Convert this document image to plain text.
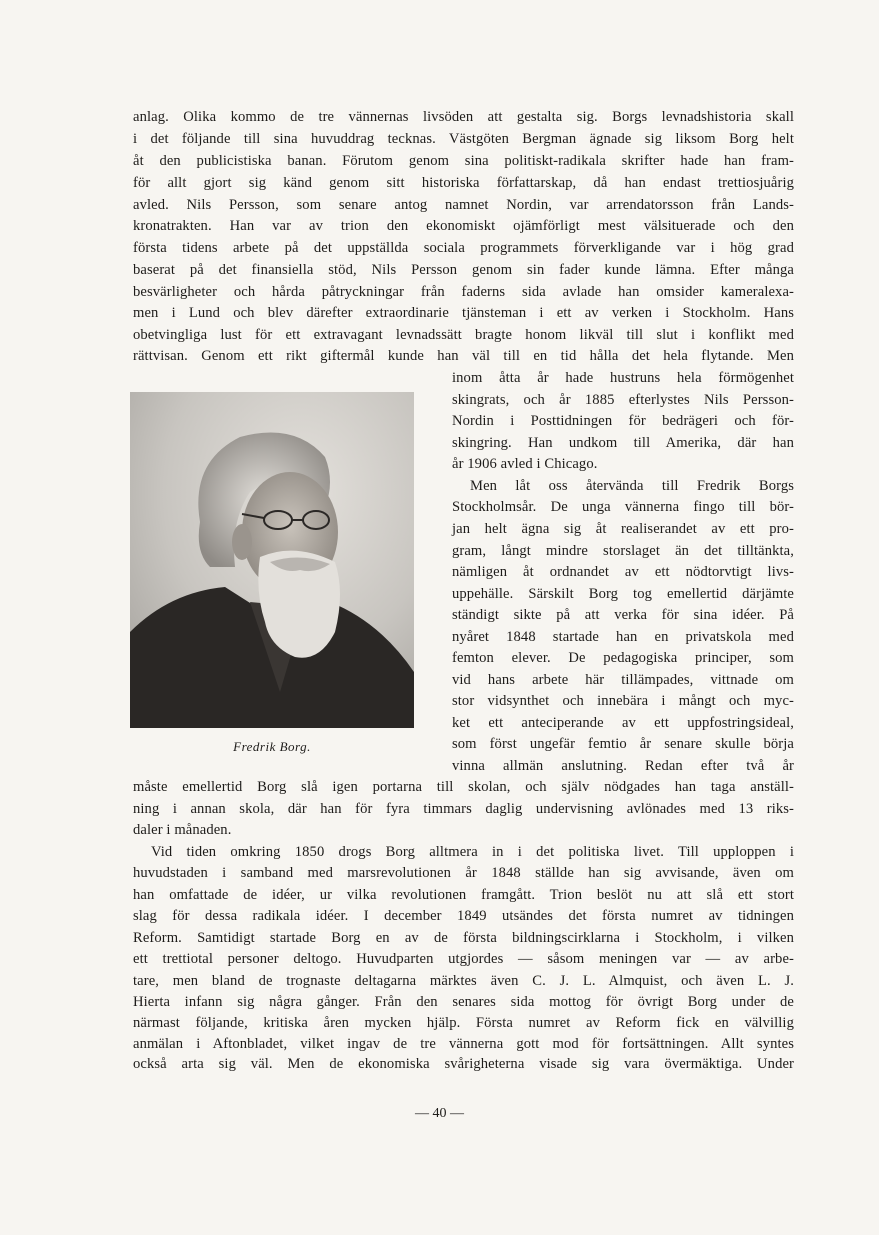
anlag. Olika kommo de tre vännernas livsöden att gestalta sig. Borgs levnadshistoria skall
i det följande till sina huvuddrag tecknas. Västgöten Bergman ägnade sig liksom Borg helt
åt den publicistiska banan. Förutom genom sina politiskt-radikala skrifter hade han fram-
för allt gjort sig känd genom sitt historiska författarskap, då han endast trettiosjuårig
avled. Nils Persson, som senare antog namnet Nordin, var arrendatorsson från Lands-
kronatrakten. Han var av trion den ekonomiskt ojämförligt mest välsituerade och den
första tidens arbete på det uppställda sociala programmets förverkligande var i hög grad
baserat på det finansiella stöd, Nils Persson genom sin fader kunde lämna. Efter många
besvärligheter och hårda påtryckningar från faderns sida avlade han omsider kameralexa-
men i Lund och blev därefter extraordinarie tjänsteman i ett av verken i Stockholm. Hans
obetvingliga lust för ett extravagant levnadssätt bragte honom likväl till slut i konflikt med
rättvisan. Genom ett rikt giftermål kunde han väl till en tid hålla det hela flytande. Men
Fredrik Borg.
inom åtta år hade hustruns hela förmögenhet
skingrats, och år 1885 efterlystes Nils Persson-
Nordin i Posttidningen för bedrägeri och för-
skingring. Han undkom till Amerika, där han
år 1906 avled i Chicago.
Men låt oss återvända till Fredrik Borgs
Stockholmsår. De unga vännerna fingo till bör-
jan helt ägna sig åt realiserandet av ett pro-
gram, långt mindre storslaget än det tilltänkta,
nämligen åt ordnandet av ett nödtorvtigt livs-
uppehälle. Särskilt Borg tog emellertid därjämte
ständigt sikte på att verka för sina idéer. På
nyåret 1848 startade han en privatskola med
femton elever. De pedagogiska principer, som
vid hans arbete här tillämpades, vittnade om
stor vidsynthet och innebära i mångt och myc-
ket ett anteciperande av ett uppfostringsideal,
som först ungefär femtio år senare skulle börja
vinna allmän anslutning. Redan efter två år
måste emellertid Borg slå igen portarna till skolan, och själv nödgades han taga anställ-
ning i annan skola, där han för fyra timmars daglig undervisning avlönades med 13 riks-
daler i månaden.
Vid tiden omkring 1850 drogs Borg alltmera in i det politiska livet. Till upploppen i
huvudstaden i samband med marsrevolutionen år 1848 ställde han sig avvisande, även om
han omfattade de idéer, ur vilka revolutionen framgått. Trion beslöt nu att slå ett stort
slag för dessa radikala idéer. I december 1849 utsändes det första numret av tidningen
Reform. Samtidigt startade Borg en av de första bildningscirklarna i Stockholm, i vilken
ett trettiotal personer deltogo. Huvudparten utgjordes — såsom meningen var — av arbe-
tare, men bland de trognaste deltagarna märktes även C. J. L. Almquist, och även L. J.
Hierta infann sig några gånger. Från den senares sida mottog för övrigt Borg under de
närmast följande, kritiska åren mycken hjälp. Första numret av Reform fick en välvillig
anmälan i Aftonbladet, vilket ingav de tre vännerna gott mod för fortsättningen. Allt syntes
också arta sig väl. Men de ekonomiska svårigheterna visade sig vara övermäktiga. Under
— 40 —
